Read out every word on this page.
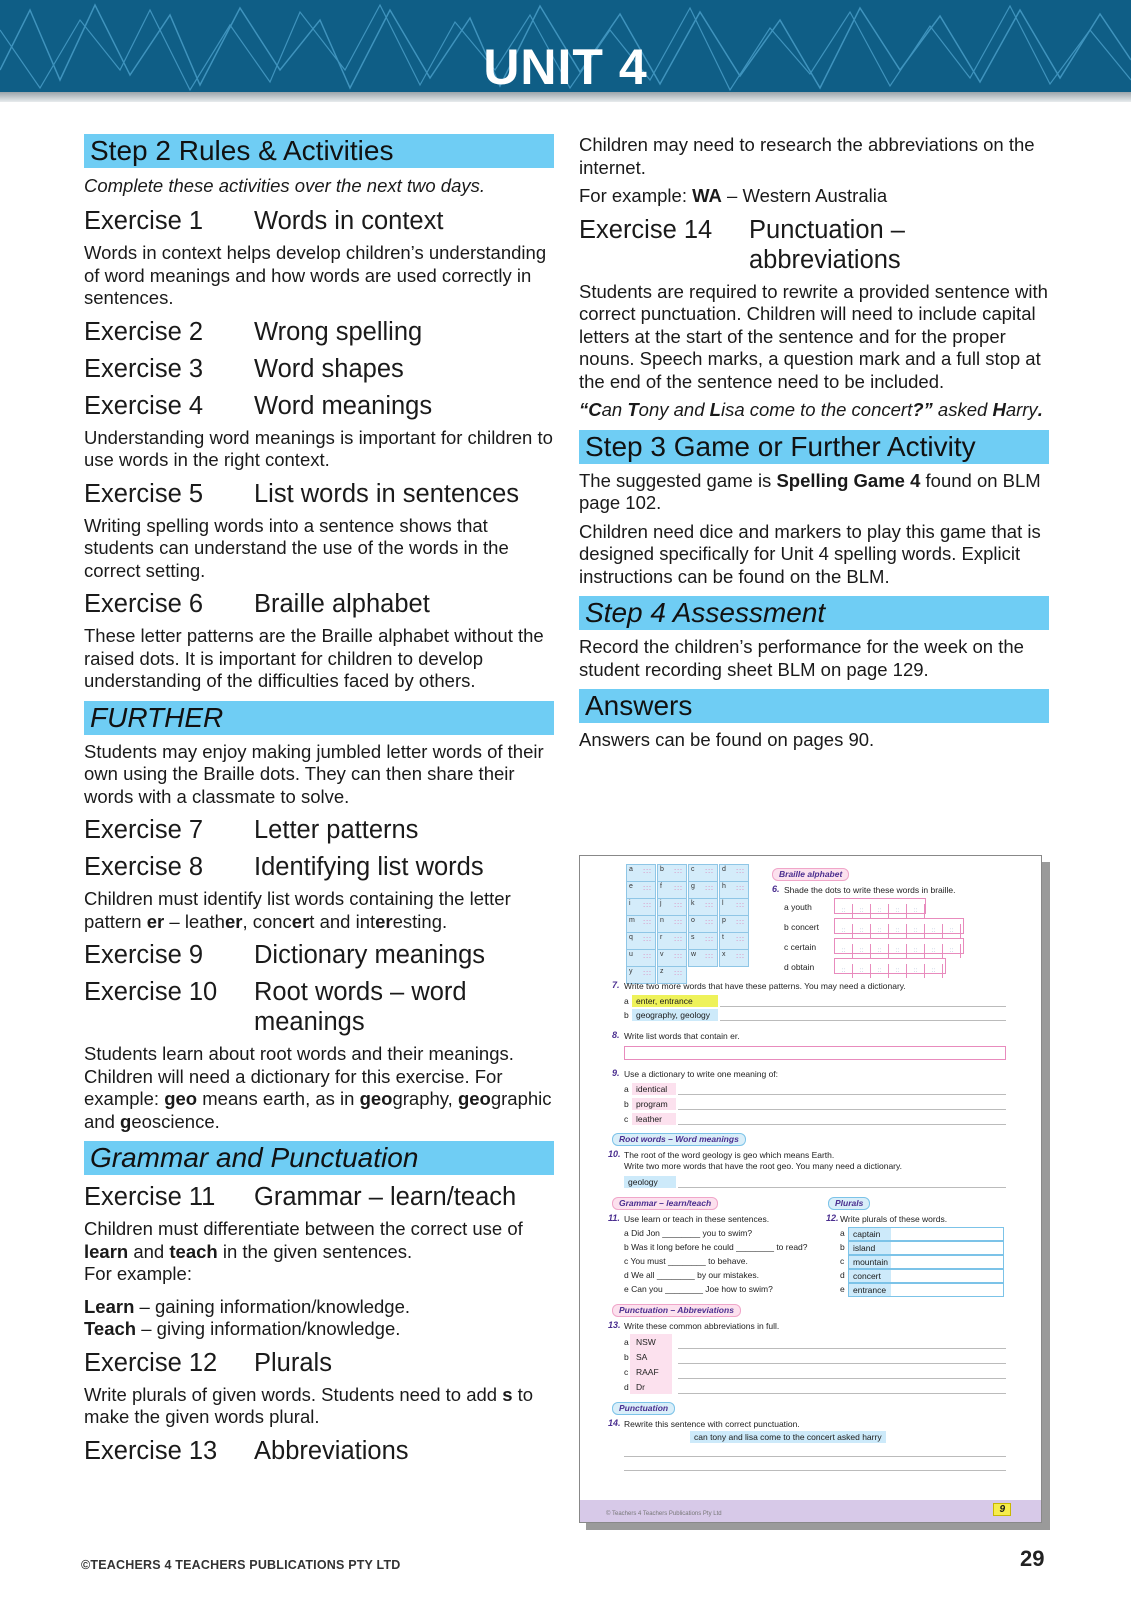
UNIT 4
Step 2 Rules & Activities
Complete these activities over the next two days.
Exercise 1	Words in context
Words in context helps develop children’s understanding of word meanings and how words are used correctly in sentences.
Exercise 2	Wrong spelling
Exercise 3	Word shapes
Exercise 4	Word meanings
Understanding word meanings is important for children to use words in the right context.
Exercise 5	List words in sentences
Writing spelling words into a sentence shows that students can understand the use of the words in the correct setting.
Exercise 6	Braille alphabet
These letter patterns are the Braille alphabet without the raised dots. It is important for children to develop understanding of the difficulties faced by others.
FURTHER
Students may enjoy making jumbled letter words of their own using the Braille dots. They can then share their words with a classmate to solve.
Exercise 7	Letter patterns
Exercise 8	Identifying list words
Children must identify list words containing the letter pattern er – leather, concert and interesting.
Exercise 9	Dictionary meanings
Exercise 10	Root words – word meanings
Students learn about root words and their meanings. Children will need a dictionary for this exercise. For example: geo means earth, as in geography, geographic and geoscience.
Grammar and Punctuation
Exercise 11	Grammar – learn/teach
Children must differentiate between the correct use of learn and teach in the given sentences.
For example:
Learn – gaining information/knowledge.
Teach – giving information/knowledge.
Exercise 12	Plurals
Write plurals of given words. Students need to add s to make the given words plural.
Exercise 13	Abbreviations
Children may need to research the abbreviations on the internet.
For example: WA – Western Australia
Exercise 14	Punctuation – abbreviations
Students are required to rewrite a provided sentence with correct punctuation. Children will need to include capital letters at the start of the sentence and for the proper nouns. Speech marks, a question mark and a full stop at the end of the sentence need to be included.
“Can Tony and Lisa come to the concert?” asked Harry.
Step 3 Game or Further Activity
The suggested game is Spelling Game 4 found on BLM page 102.
Children need dice and markers to play this game that is designed specifically for Unit 4 spelling words. Explicit instructions can be found on the BLM.
Step 4 Assessment
Record the children’s performance for the week on the student recording sheet BLM on page 129.
Answers
Answers can be found on pages 90.
a :::	b :::	c :::	d :::
e :::	f :::	g :::	h :::
i :::	j :::	k :::	l :::
m :::	n :::	o :::	p :::
q :::	r :::	s :::	t :::
u :::	v :::	w :::	x :::
y :::	z :::
Braille alphabet
6. Shade the dots to write these words in braille.
a youth	:: :: :: :: ::
b concert	:: :: :: :: :: :: ::
c certain	:: :: :: :: :: :: ::
d obtain	:: :: :: :: :: ::
7. Write two more words that have these patterns. You may need a dictionary.
a enter, entrance
b geography, geology
8. Write list words that contain er.
9. Use a dictionary to write one meaning of:
a identical
b program
c leather
Root words – Word meanings
10. The root of the word geology is geo which means Earth.
Write two more words that have the root geo. You many need a dictionary.
geology
Grammar – learn/teach
11. Use learn or teach in these sentences.
a Did Jon ________ you to swim?
b Was it long before he could ________ to read?
c You must ________ to behave.
d We all ________ by our mistakes.
e Can you ________ Joe how to swim?
Plurals
12. Write plurals of these words.
a captain
b island
c	mountain
d concert
e entrance
Punctuation – Abbreviations
13. Write these common abbreviations in full.
a NSW
b SA
c RAAF
d Dr
Punctuation
14. Rewrite this sentence with correct punctuation.
can tony and lisa come to the concert asked harry
© Teachers 4 Teachers Publications Pty Ltd	9
©TEACHERS 4 TEACHERS PUBLICATIONS PTY LTD	29
